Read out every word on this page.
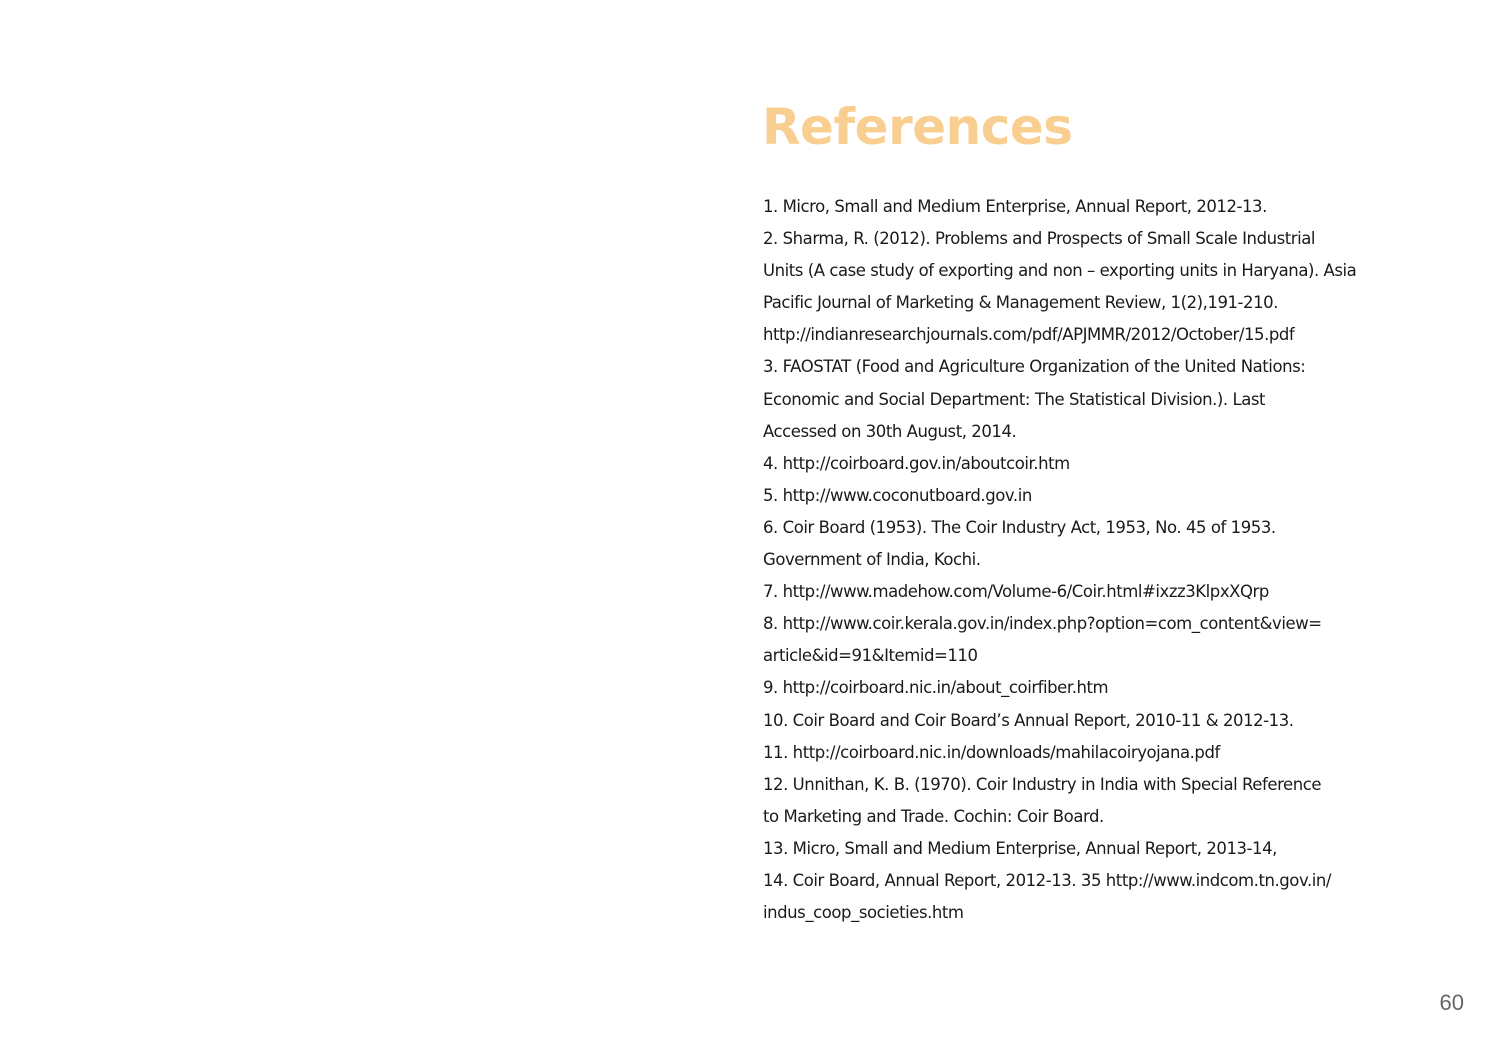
References
1. Micro, Small and Medium Enterprise, Annual Report, 2012-13.
2. Sharma, R. (2012). Problems and Prospects of Small Scale Industrial
Units (A case study of exporting and non – exporting units in Haryana). Asia
Pacific Journal of Marketing & Management Review, 1(2),191-210.
http://indianresearchjournals.com/pdf/APJMMR/2012/October/15.pdf
3. FAOSTAT (Food and Agriculture Organization of the United Nations:
Economic and Social Department: The Statistical Division.). Last
Accessed on 30th August, 2014.
4. http://coirboard.gov.in/aboutcoir.htm
5. http://www.coconutboard.gov.in
6. Coir Board (1953). The Coir Industry Act, 1953, No. 45 of 1953.
Government of India, Kochi.
7. http://www.madehow.com/Volume-6/Coir.html#ixzz3KlpxXQrp
8. http://www.coir.kerala.gov.in/index.php?option=com_content&view=
article&id=91&Itemid=110
9. http://coirboard.nic.in/about_coirfiber.htm
10. Coir Board and Coir Board’s Annual Report, 2010-11 & 2012-13.
11. http://coirboard.nic.in/downloads/mahilacoiryojana.pdf
12. Unnithan, K. B. (1970). Coir Industry in India with Special Reference
to Marketing and Trade. Cochin: Coir Board.
13. Micro, Small and Medium Enterprise, Annual Report, 2013-14,
14. Coir Board, Annual Report, 2012-13. 35 http://www.indcom.tn.gov.in/
indus_coop_societies.htm
60
